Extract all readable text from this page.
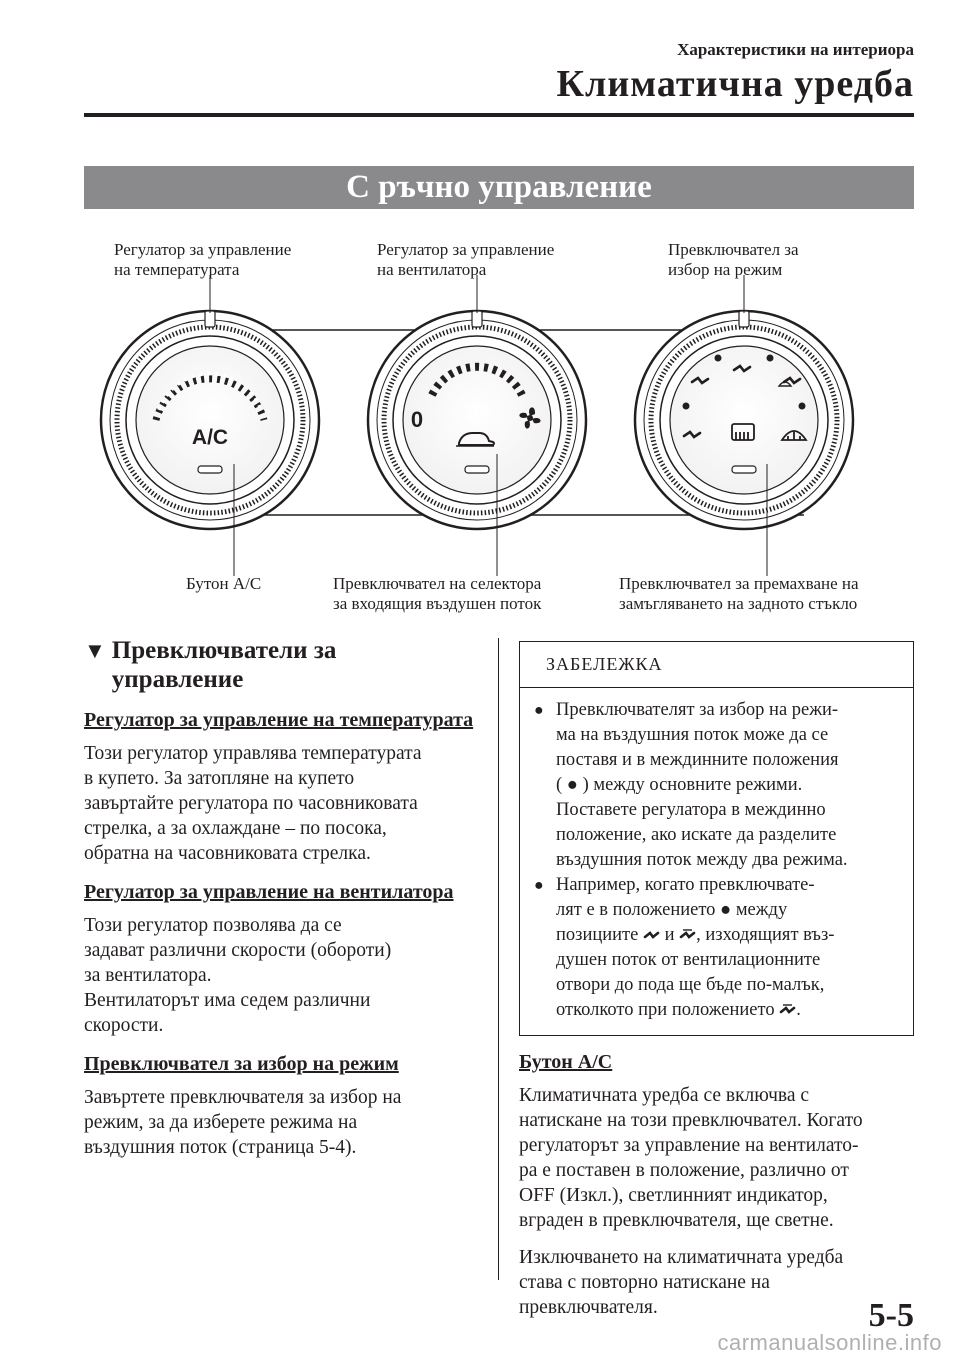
Характеристики на интериора
Климатична уредба
С ръчно управление
A/C
0
Регулатор за управление
на температурата
Регулатор за управление
на вентилатора
Превключвател за
избор на режим
Бутон A/C	Превключвател на селектора
за входящия въздушен поток
Превключвател за премахване на
замъгляването на задното стъкло
▼ Превключватели за
управление
Регулатор за управление на температурата

Този регулатор управлява температурата
в купето. За затопляне на купето
завъртайте регулатора по часовниковата
стрелка, а за охлаждане – по посока,
обратна на часовниковата стрелка.

Регулатор за управление на вентилатора

Този регулатор позволява да се
задават различни скорости (обороти)
за вентилатора.
Вентилаторът има седем различни
скорости.

Превключвател за избор на режим

Завъртете превключвателя за избор на
режим, за да изберете режима на
въздушния поток (страница 5-4).

ЗАБЕЛЕЖКА
● Превключвателят за избор на режи-
ма на въздушния поток може да се
поставя и в междинните положения
( ● ) между основните режими.
Поставете регулатора в междинно
положение, ако искате да разделите
въздушния поток между два режима.
● Например, когато превключвате-
лят е в положението ● между
позициите и , изходящият въз-
душен поток от вентилационните
отвори до пода ще бъде по-малък,
отколкото при положението .
Бутон A/C

Климатичната уредба се включва с
натискане на този превключвател. Когато
регулаторът за управление на вентилато-
ра е поставен в положение, различно от
OFF (Изкл.), светлинният индикатор,
вграден в превключвателя, ще светне.

Изключването на климатичната уредба
става с повторно натискане на
превключвателя.	5-5
carmanualsonline.info
